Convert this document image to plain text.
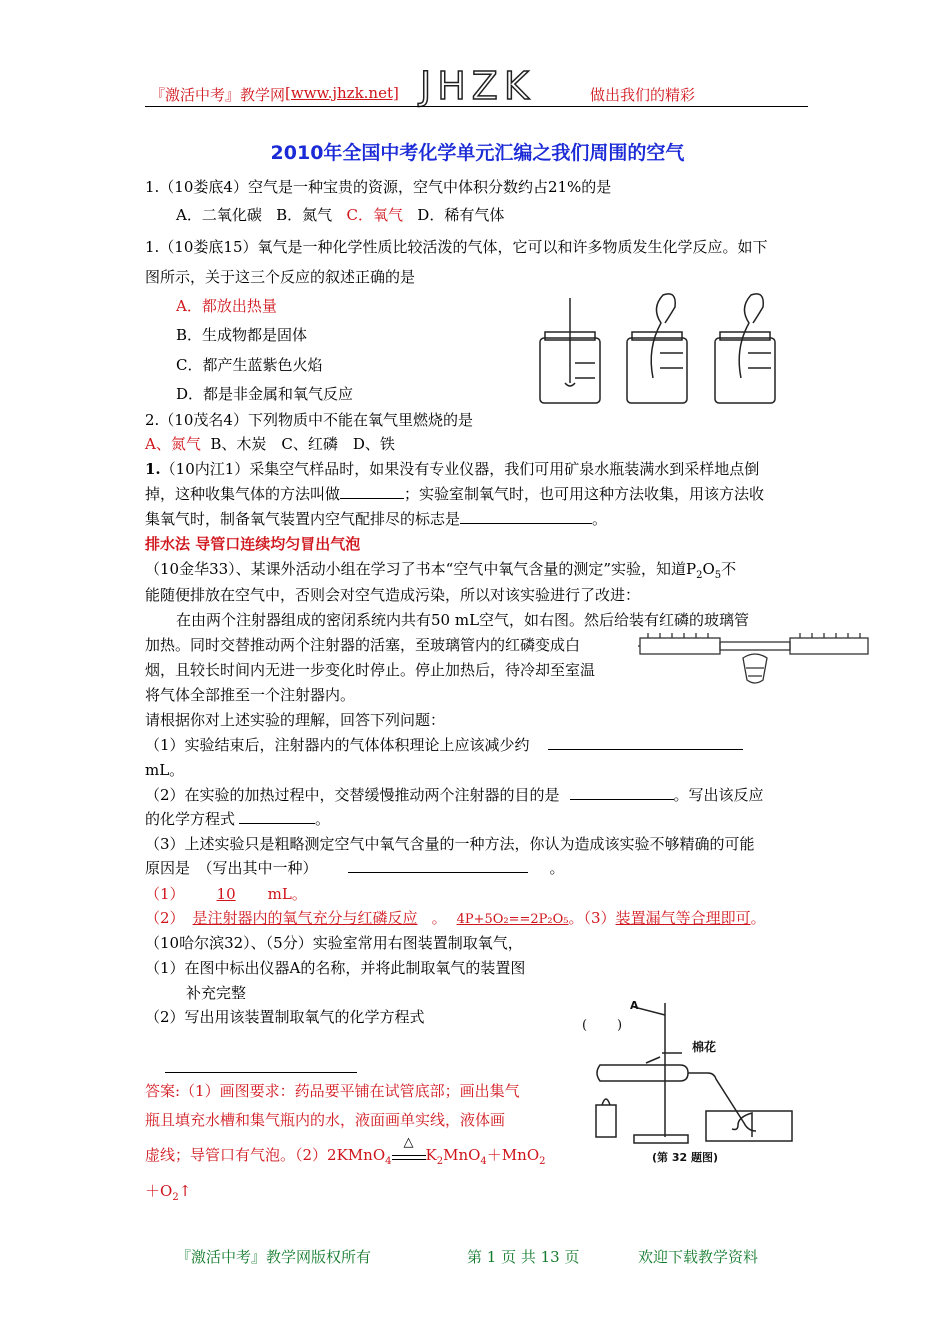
『激活中考』教学网 [www.jhzk.net] JHZK	做出我们的精彩
2010年全国中考化学单元汇编之我们周围的空气
1.（10娄底4）空气是一种宝贵的资源，空气中体积分数约占21%的是
A．二氧化碳 B．氮气 C．氧气 D．稀有气体
1.（10娄底15）氧气是一种化学性质比较活泼的气体，它可以和许多物质发生化学反应。如下
图所示，关于这三个反应的叙述正确的是
A．都放出热量
B．生成物都是固体
C．都产生蓝紫色火焰
D．都是非金属和氧气反应
2.（10茂名4）下列物质中不能在氧气里燃烧的是
A、氮气 B、木炭　C、红磷　D、铁
1.（10内江1）采集空气样品时，如果没有专业仪器，我们可用矿泉水瓶装满水到采样地点倒
掉，这种收集气体的方法叫做	；实验室制氧气时，也可用这种方法收集，用该方法收
集氧气时，制备氧气装置内空气配排尽的标志是	。
排水法 导管口连续均匀冒出气泡
（10金华33）、某课外活动小组在学习了书本“空气中氧气含量的测定”实验，知道$P_2O_5$不
能随便排放在空气中，否则会对空气造成污染，所以对该实验进行了改进：
在由两个注射器组成的密闭系统内共有50 mL空气，如右图。然后给装有红磷的玻璃管
加热。同时交替推动两个注射器的活塞，至玻璃管内的红磷变成白
烟，且较长时间内无进一步变化时停止。停止加热后，待冷却至室温
将气体全部推至一个注射器内。
请根据你对上述实验的理解，回答下列问题：
（1）实验结束后，注射器内的气体体积理论上应该减少约
mL。
（2）在实验的加热过程中，交替缓慢推动两个注射器的目的是	。写出该反应
的化学方程式	。
（3）上述实验只是粗略测定空气中氧气含量的一种方法，你认为造成该实验不够精确的可能
原因是　（写出其中一种）	。
（1） 10 mL。
（2） 是注射器内的氧气充分与红磷反应 。 4P+5O₂==2P₂O₅。（3）装置漏气等合理即可。
（10哈尔滨32）、（5分）实验室常用右图装置制取氧气，
（1）在图中标出仪器A的名称，并将此制取氧气的装置图
补充完整
（2）写出用该装置制取氧气的化学方程式
答案:（1）画图要求：药品要平铺在试管底部；画出集气
瓶且填充水槽和集气瓶内的水，液面画单实线，液体画
虚线；导管口有气泡。（2）2KMnO$_4$
△
$K_2MnO_4+MnO_2$
$+O_2↑$
( )
A
棉花
(第 32 题图)
『激活中考』教学网版权所有	第 1 页 共 13 页	欢迎下载教学资料
